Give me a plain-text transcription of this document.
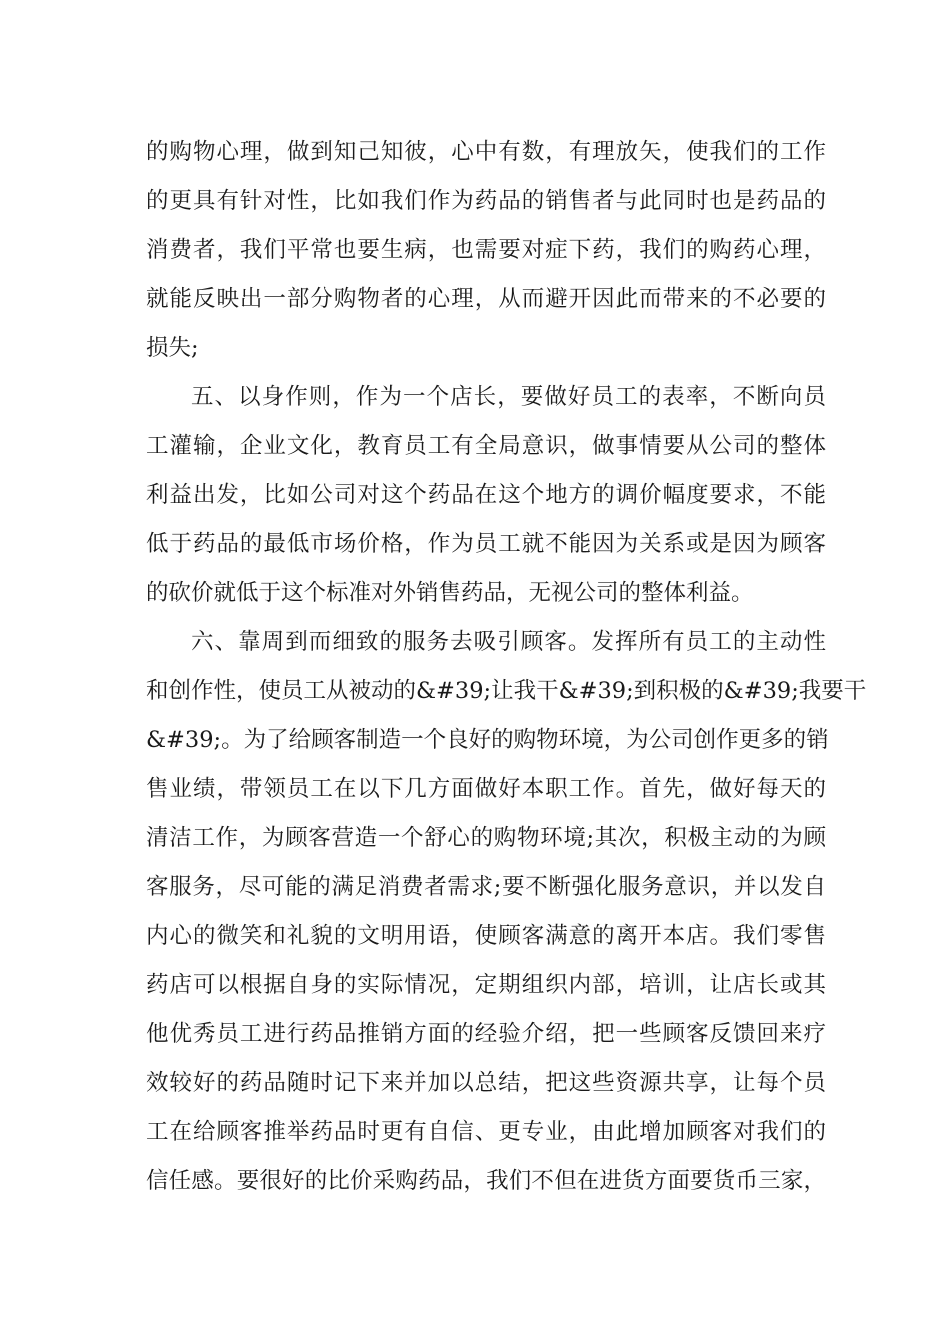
的购物心理，做到知己知彼，心中有数，有理放矢，使我们的工作
的更具有针对性，比如我们作为药品的销售者与此同时也是药品的
消费者，我们平常也要生病，也需要对症下药，我们的购药心理，
就能反映出一部分购物者的心理，从而避开因此而带来的不必要的
损失;
五、以身作则，作为一个店长，要做好员工的表率，不断向员
工灌输，企业文化，教育员工有全局意识，做事情要从公司的整体
利益出发，比如公司对这个药品在这个地方的调价幅度要求，不能
低于药品的最低市场价格，作为员工就不能因为关系或是因为顾客
的砍价就低于这个标准对外销售药品，无视公司的整体利益。
六、靠周到而细致的服务去吸引顾客。发挥所有员工的主动性
和创作性，使员工从被动的&#39;让我干&#39;到积极的&#39;我要干
&#39;。为了给顾客制造一个良好的购物环境，为公司创作更多的销
售业绩，带领员工在以下几方面做好本职工作。首先，做好每天的
清洁工作，为顾客营造一个舒心的购物环境;其次，积极主动的为顾
客服务，尽可能的满足消费者需求;要不断强化服务意识，并以发自
内心的微笑和礼貌的文明用语，使顾客满意的离开本店。我们零售
药店可以根据自身的实际情况，定期组织内部，培训，让店长或其
他优秀员工进行药品推销方面的经验介绍，把一些顾客反馈回来疗
效较好的药品随时记下来并加以总结，把这些资源共享，让每个员
工在给顾客推举药品时更有自信、更专业，由此增加顾客对我们的
信任感。要很好的比价采购药品，我们不但在进货方面要货币三家，
